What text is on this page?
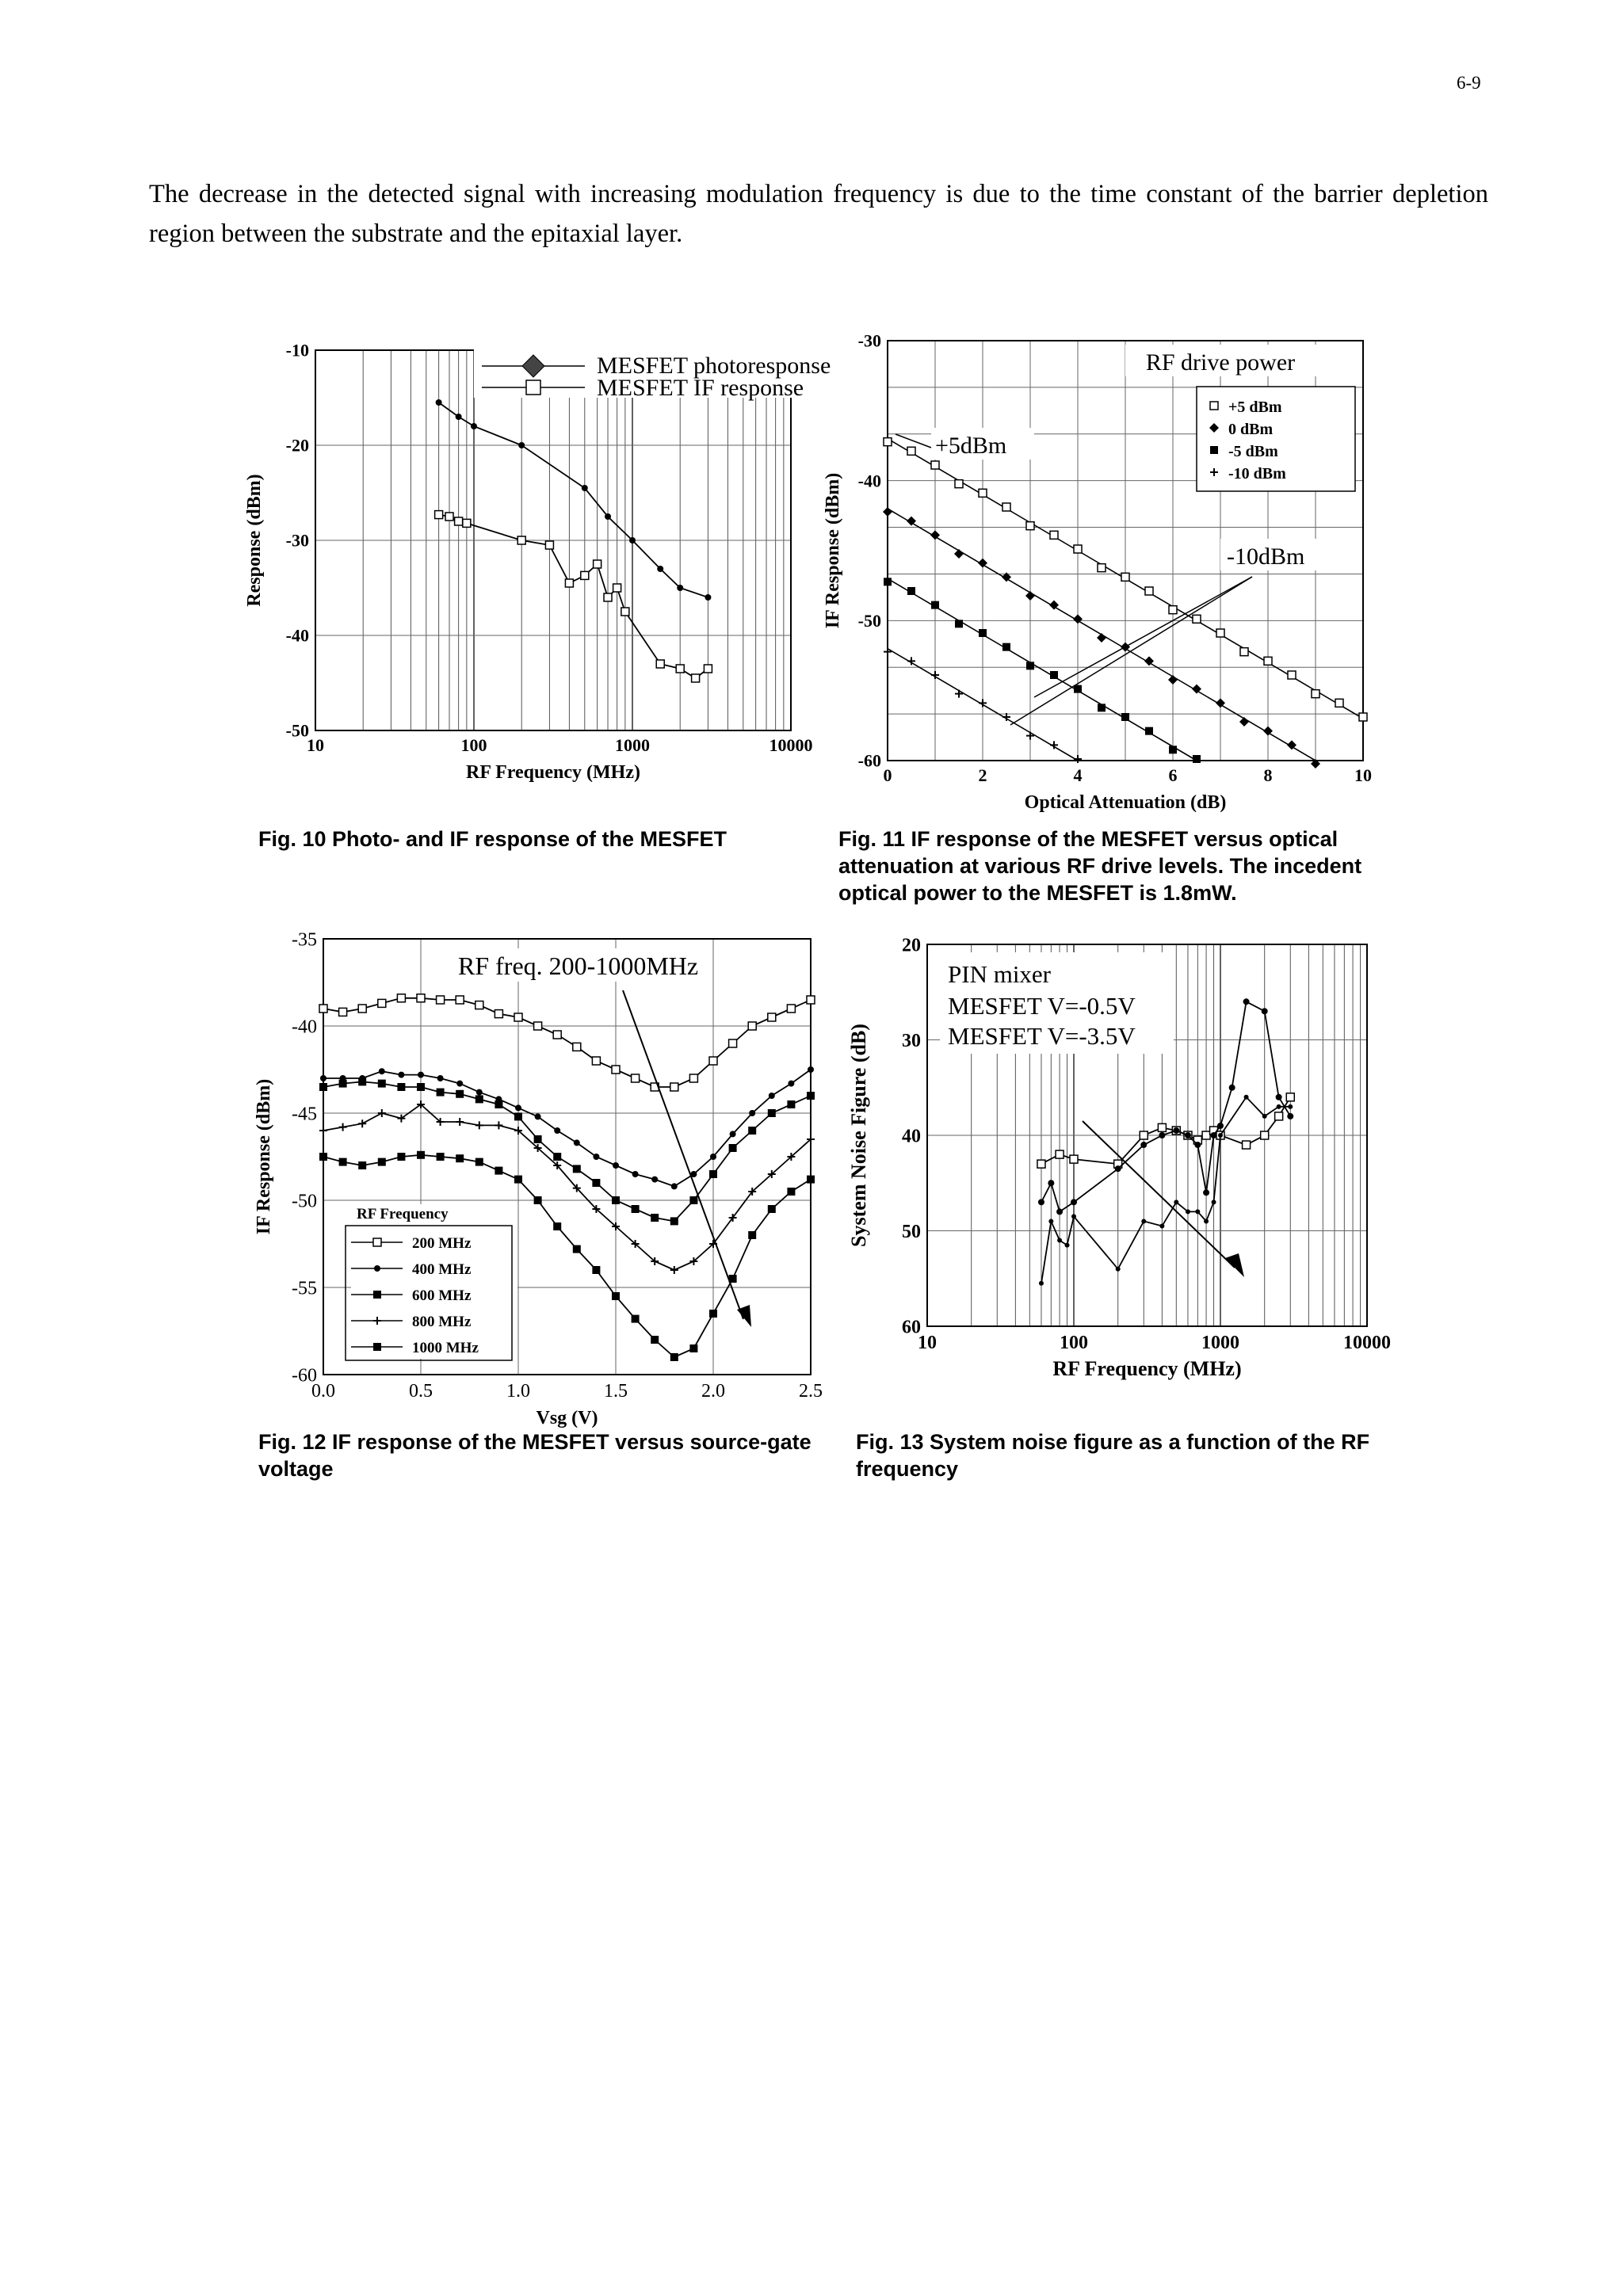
6-9
The decrease in the detected signal with increasing modulation frequency is due to the time constant of the barrier depletion region between the substrate and the epitaxial layer.
10	100	1000	10000
-10
-20
-30
-40
-50
RF Frequency (MHz)
Response (dBm)
MESFET photoresponse
MESFET IF response
Fig. 10 Photo- and IF response of the MESFET
0	2	4	6	8	10
-30
-40
-50
-60
Optical Attenuation (dB)
IF Response (dBm)
RF drive power
+5 dBm
0 dBm
-5 dBm
-10 dBm
+5dBm
-10dBm
Fig. 11 IF response of the MESFET versus optical attenuation at various RF drive levels. The incedent optical power to the MESFET is 1.8mW.
0.0	0.5	1.0	1.5	2.0	2.5
-35
-40
-45
-50
-55
-60
Vsg (V)
IF Response (dBm)
RF freq. 200-1000MHz
RF Frequency
200 MHz
400 MHz
600 MHz
800 MHz
1000 MHz
Fig. 12 IF response of the MESFET versus source-gate voltage
10	100	1000	10000
20
30
40
50
60
RF Frequency (MHz)
System Noise Figure (dB)
PIN mixer
MESFET V=-0.5V
MESFET V=-3.5V
Fig. 13 System noise figure as a function of the RF frequency
